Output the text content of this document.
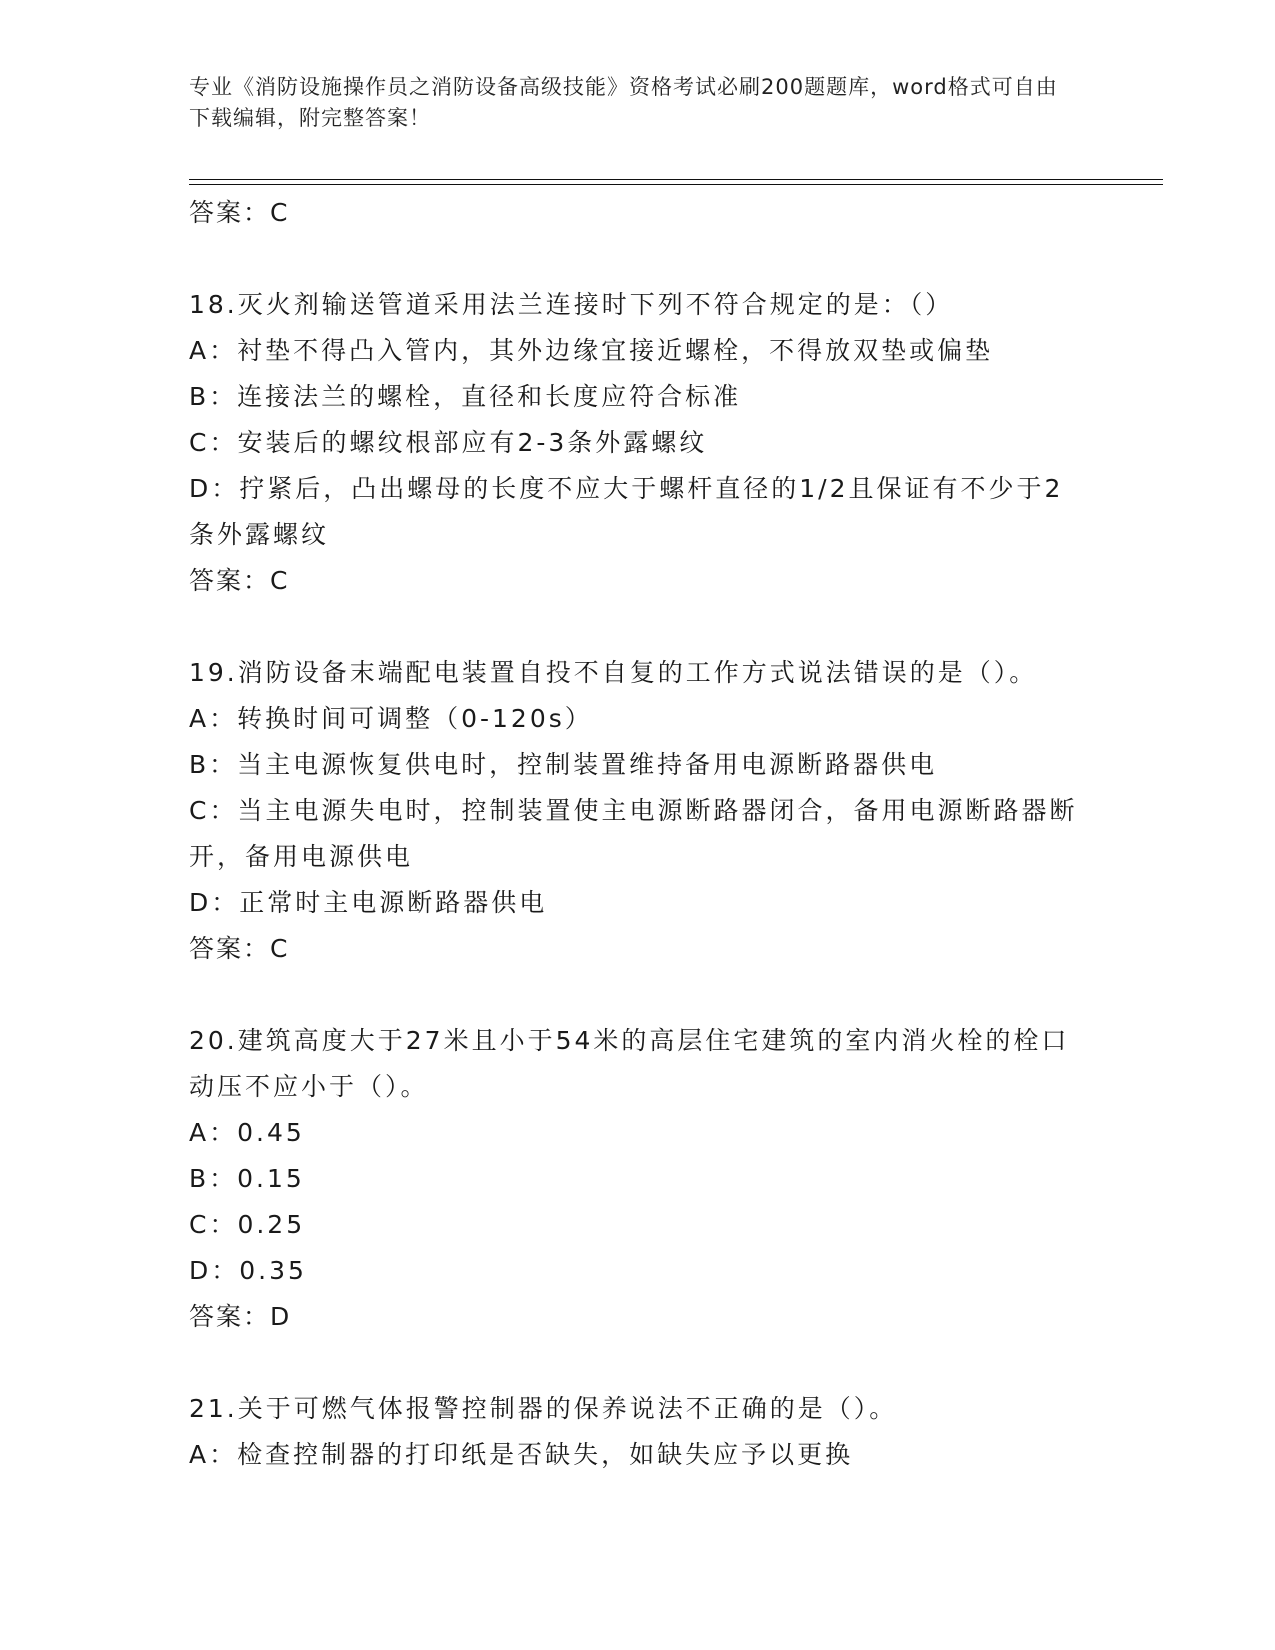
专业《消防设施操作员之消防设备高级技能》资格考试必刷200题题库，word格式可自由下载编辑，附完整答案！
答案：C
18.灭火剂输送管道采用法兰连接时下列不符合规定的是：（）
A：衬垫不得凸入管内，其外边缘宜接近螺栓，不得放双垫或偏垫
B：连接法兰的螺栓，直径和长度应符合标准
C：安装后的螺纹根部应有2-3条外露螺纹
D：拧紧后，凸出螺母的长度不应大于螺杆直径的1/2且保证有不少于2条外露螺纹
答案：C
19.消防设备末端配电装置自投不自复的工作方式说法错误的是（）。
A：转换时间可调整（0-120s）
B：当主电源恢复供电时，控制装置维持备用电源断路器供电
C：当主电源失电时，控制装置使主电源断路器闭合，备用电源断路器断开，备用电源供电
D：正常时主电源断路器供电
答案：C
20.建筑高度大于27米且小于54米的高层住宅建筑的室内消火栓的栓口动压不应小于（）。
A：0.45
B：0.15
C：0.25
D：0.35
答案：D
21.关于可燃气体报警控制器的保养说法不正确的是（）。
A：检查控制器的打印纸是否缺失，如缺失应予以更换
